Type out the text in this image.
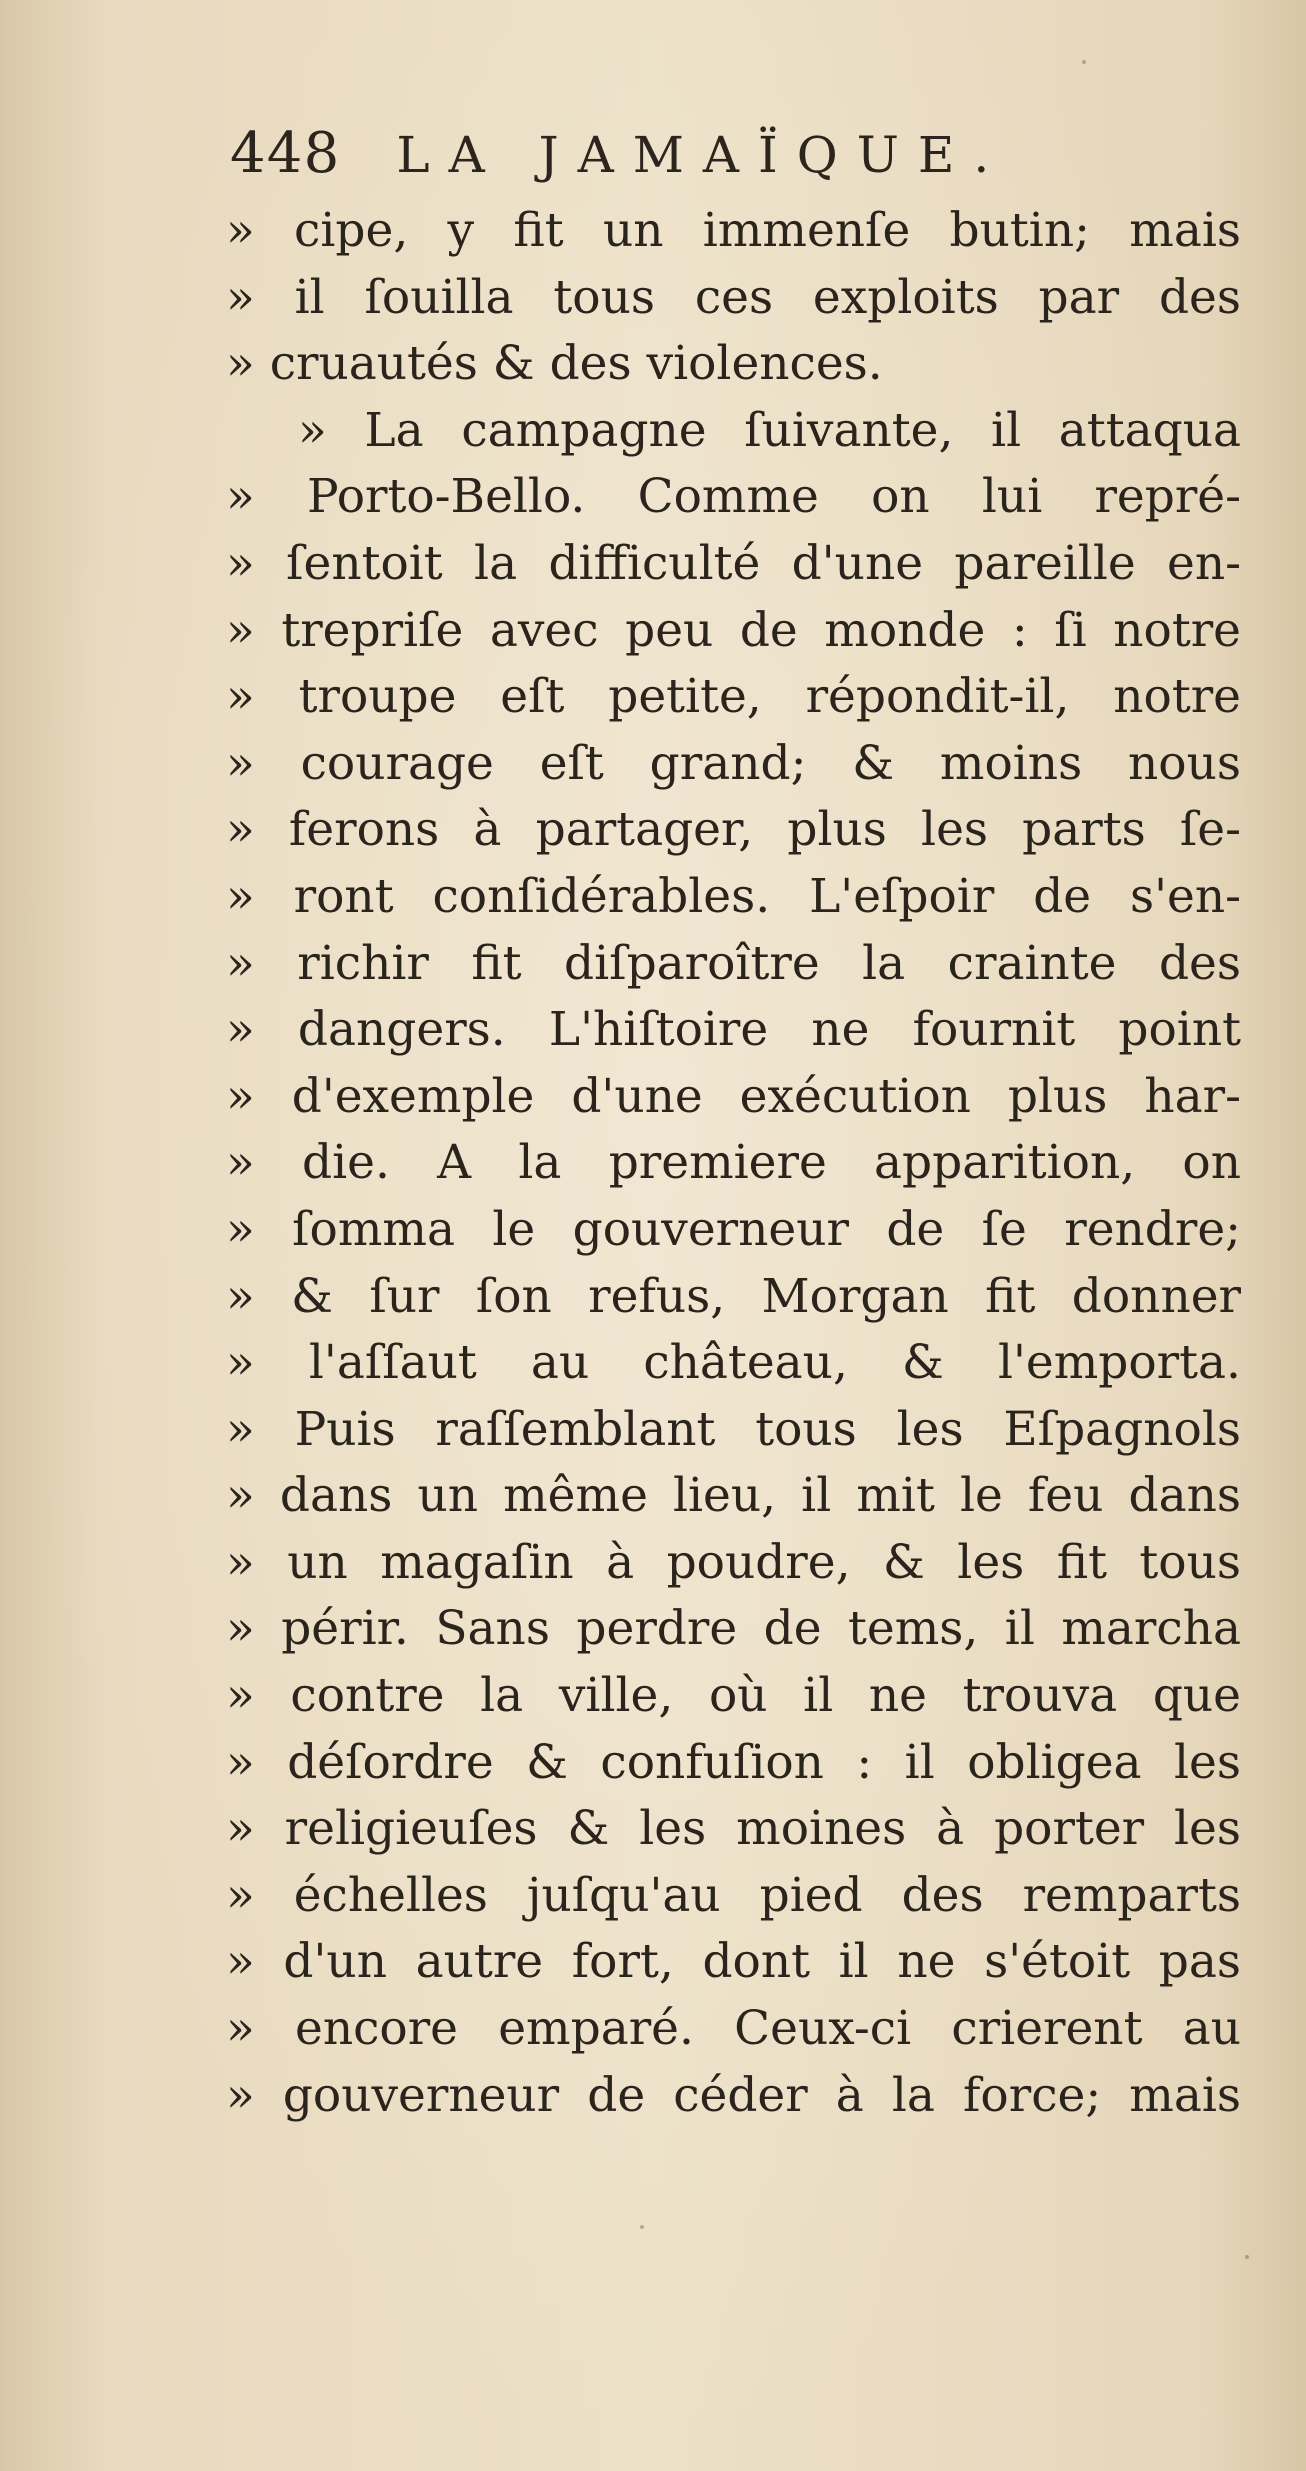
448 LA JAMAÏQUE.
» cipe, y fit un immenſe butin; mais
» il ſouilla tous ces exploits par des
» cruautés & des violences.
» La campagne ſuivante, il attaqua
» Porto-Bello. Comme on lui repré-
» ſentoit la difficulté d'une pareille en-
» trepriſe avec peu de monde : ſi notre
» troupe eſt petite, répondit-il, notre
» courage eſt grand; & moins nous
» ferons à partager, plus les parts ſe-
» ront conſidérables. L'eſpoir de s'en-
» richir fit diſparoître la crainte des
» dangers. L'hiſtoire ne fournit point
» d'exemple d'une exécution plus har-
» die. A la premiere apparition, on
» ſomma le gouverneur de ſe rendre;
» & ſur ſon refus, Morgan fit donner
» l'aſſaut au château, & l'emporta.
» Puis raſſemblant tous les Eſpagnols
» dans un même lieu, il mit le feu dans
» un magaſin à poudre, & les fit tous
» périr. Sans perdre de tems, il marcha
» contre la ville, où il ne trouva que
» déſordre & confuſion : il obligea les
» religieuſes & les moines à porter les
» échelles juſqu'au pied des remparts
» d'un autre fort, dont il ne s'étoit pas
» encore emparé. Ceux-ci crierent au
» gouverneur de céder à la force; mais
